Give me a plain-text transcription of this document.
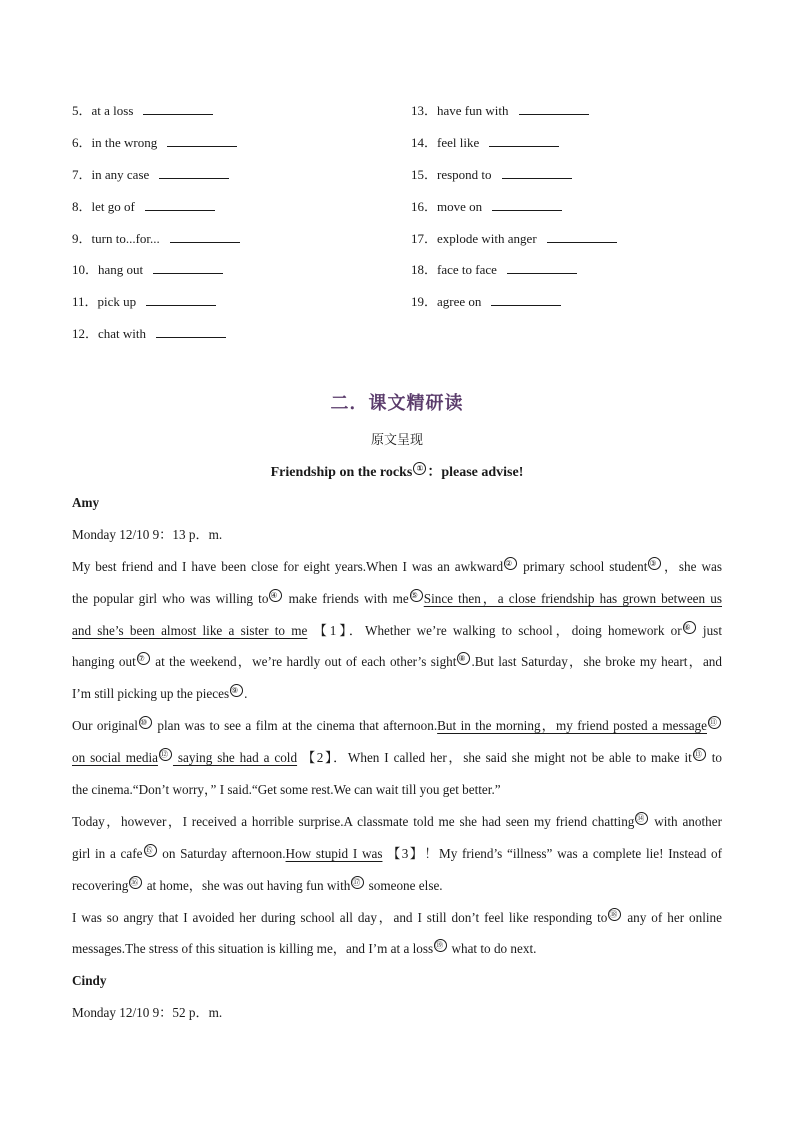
5．at a loss
6．in the wrong
7．in any case
8．let go of
9．turn to...for...
10．hang out
11．pick up
12．chat with
13．have fun with
14．feel like
15．respond to
16．move on
17．explode with anger
18．face to face
19．agree on
二．课文精研读
原文呈现
Friendship on the rocks ① ：please advise!
Amy
Monday 12/10 9：13 p．m.
My best friend and I have been close for eight years.When I was an awkward ② primary school student ③ ，she was
the popular girl who was willing to ④ make friends with me ⑤ Since then，a close friendship has grown between us
and she’s been almost like a sister to me 【1】．Whether we’re walking to school，doing homework or ⑥ just
hanging out ⑦ at the weekend，we’re hardly out of each other’s sight ⑧ .But last Saturday，she broke my heart，and
I’m still picking up the pieces ⑨ .
Our original ⑩ plan was to see a film at the cinema that afternoon.But in the morning，my friend posted a message ⑪
on social media ⑫ saying she had a cold 【2】．When I called her，she said she might not be able to make it ⑬ to
the cinema.“Don’t worry，” I said.“Get some rest.We can wait till you get better.”
Today，however，I received a horrible surprise.A classmate told me she had seen my friend chatting ⑭ with another
girl in a cafe ⑮ on Saturday afternoon.How stupid I was 【3】！My friend’s “illness” was a complete lie! Instead of
recovering ⑯ at home，she was out having fun with ⑰ someone else.
I was so angry that I avoided her during school all day，and I still don’t feel like responding to ⑱ any of her online
messages.The stress of this situation is killing me，and I’m at a loss ⑲ what to do next.
Cindy
Monday 12/10 9：52 p．m.
